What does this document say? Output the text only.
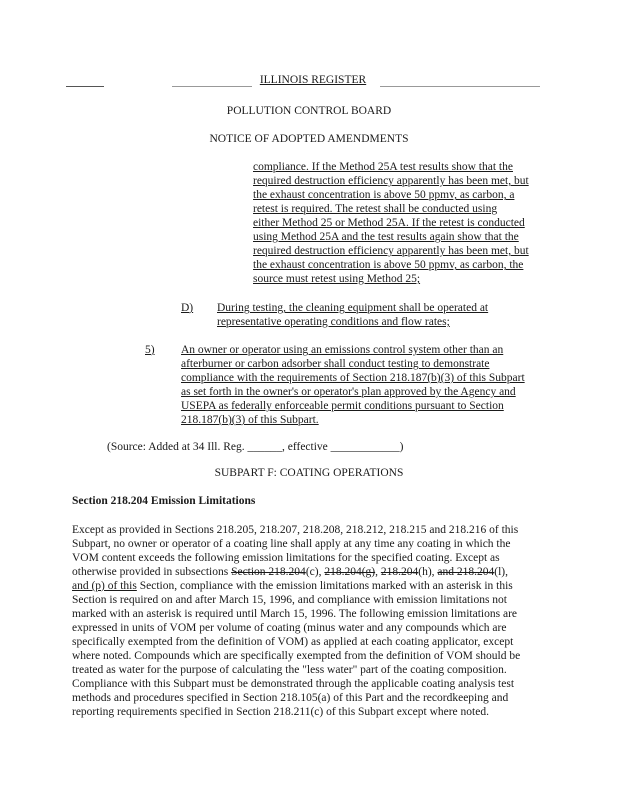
ILLINOIS REGISTER
POLLUTION CONTROL BOARD
NOTICE OF ADOPTED AMENDMENTS
compliance. If the Method 25A test results show that the
required destruction efficiency apparently has been met, but
the exhaust concentration is above 50 ppmv, as carbon, a
retest is required. The retest shall be conducted using
either Method 25 or Method 25A. If the retest is conducted
using Method 25A and the test results again show that the
required destruction efficiency apparently has been met, but
the exhaust concentration is above 50 ppmv, as carbon, the
source must retest using Method 25;
D) During testing, the cleaning equipment shall be operated at
representative operating conditions and flow rates;
5) An owner or operator using an emissions control system other than an
afterburner or carbon adsorber shall conduct testing to demonstrate
compliance with the requirements of Section 218.187(b)(3) of this Subpart
as set forth in the owner's or operator's plan approved by the Agency and
USEPA as federally enforceable permit conditions pursuant to Section
218.187(b)(3) of this Subpart.
(Source: Added at 34 Ill. Reg. ______, effective ____________)
SUBPART F: COATING OPERATIONS
Section 218.204 Emission Limitations
Except as provided in Sections 218.205, 218.207, 218.208, 218.212, 218.215 and 218.216 of this
Subpart, no owner or operator of a coating line shall apply at any time any coating in which the
VOM content exceeds the following emission limitations for the specified coating. Except as
otherwise provided in subsections Section 218.204(c), 218.204(g), 218.204(h), and 218.204(l),
and (p) of this Section, compliance with the emission limitations marked with an asterisk in this
Section is required on and after March 15, 1996, and compliance with emission limitations not
marked with an asterisk is required until March 15, 1996. The following emission limitations are
expressed in units of VOM per volume of coating (minus water and any compounds which are
specifically exempted from the definition of VOM) as applied at each coating applicator, except
where noted. Compounds which are specifically exempted from the definition of VOM should be
treated as water for the purpose of calculating the "less water" part of the coating composition.
Compliance with this Subpart must be demonstrated through the applicable coating analysis test
methods and procedures specified in Section 218.105(a) of this Part and the recordkeeping and
reporting requirements specified in Section 218.211(c) of this Subpart except where noted.
